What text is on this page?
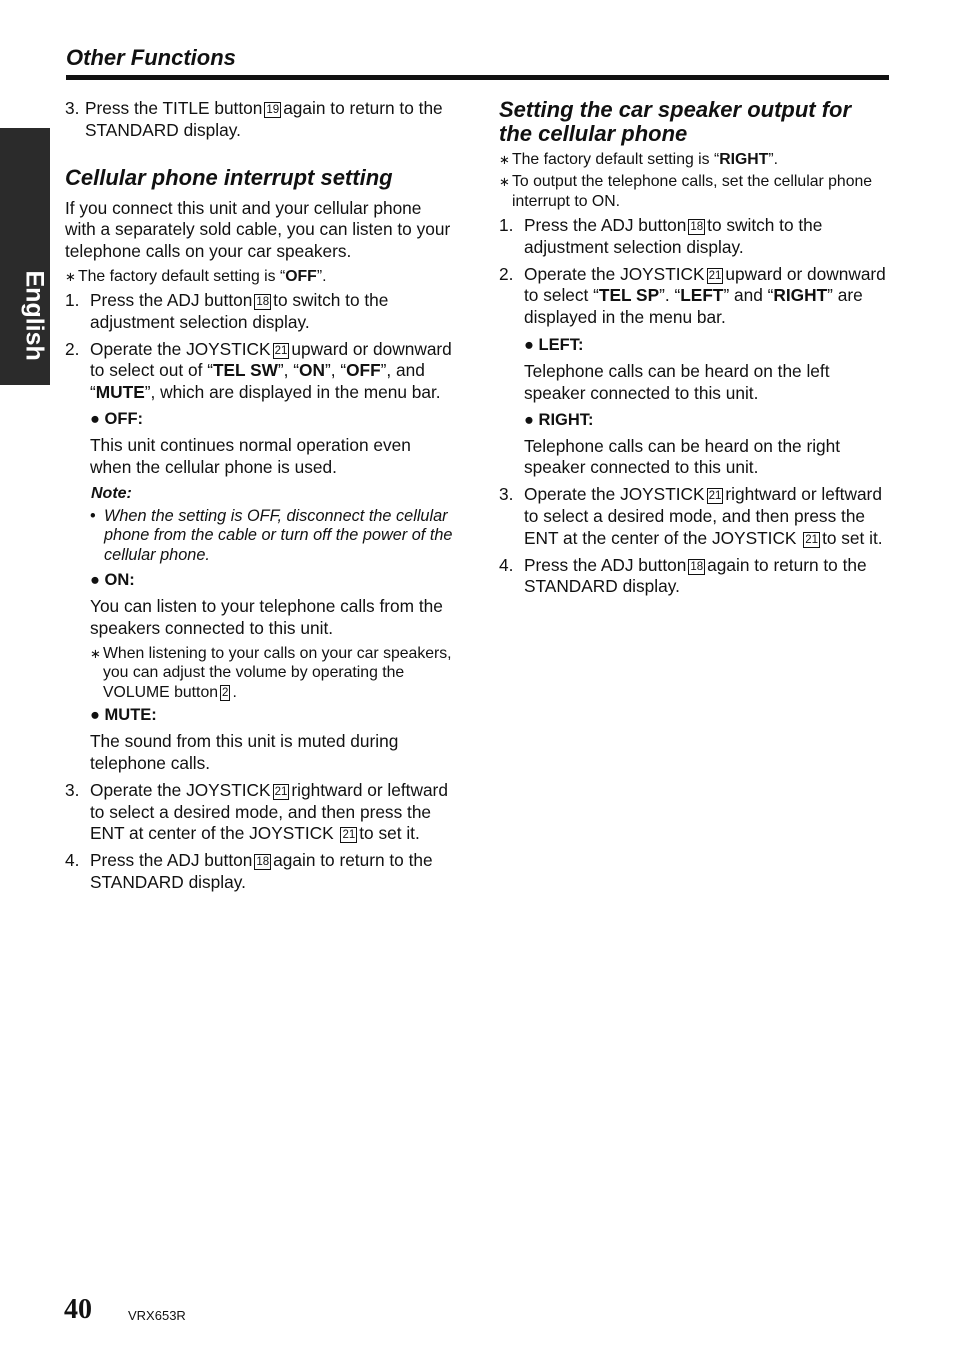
Other Functions
English
Owner’s manual
3. Press the TITLE button 19 again to return to the STANDARD display.
Cellular phone interrupt setting

If you connect this unit and your cellular phone with a separately sold cable, you can listen to your telephone calls on your car speakers.

∗ The factory default setting is “OFF”.
1. Press the ADJ button 18 to switch to the adjustment selection display.
2. Operate the JOYSTICK 21 upward or downward to select out of “TEL SW”, “ON”, “OFF”, and “MUTE”, which are displayed in the menu bar.
● OFF:

This unit continues normal operation even when the cellular phone is used.

Note:
• When the setting is OFF, disconnect the cellular phone from the cable or turn off the power of the cellular phone.
● ON:

You can listen to your telephone calls from the speakers connected to this unit.

∗ When listening to your calls on your car speakers, you can adjust the volume by operating the VOLUME button 2 .
● MUTE:

The sound from this unit is muted during telephone calls.

3. Operate the JOYSTICK 21 rightward or leftward to select a desired mode, and then press the ENT at center of the JOYSTICK 21 to set it.
4. Press the ADJ button 18 again to return to the STANDARD display.
Setting the car speaker output for the cellular phone
∗ The factory default setting is “RIGHT”.
∗ To output the telephone calls, set the cellular phone interrupt to ON.
1. Press the ADJ button 18 to switch to the adjustment selection display.
2. Operate the JOYSTICK 21 upward or downward to select “TEL SP”. “LEFT” and “RIGHT” are displayed in the menu bar.
● LEFT:

Telephone calls can be heard on the left speaker connected to this unit.

● RIGHT:

Telephone calls can be heard on the right speaker connected to this unit.

3. Operate the JOYSTICK 21 rightward or leftward to select a desired mode, and then press the ENT at the center of the JOYSTICK 21 to set it.
4. Press the ADJ button 18 again to return to the STANDARD display.
40	VRX653R
